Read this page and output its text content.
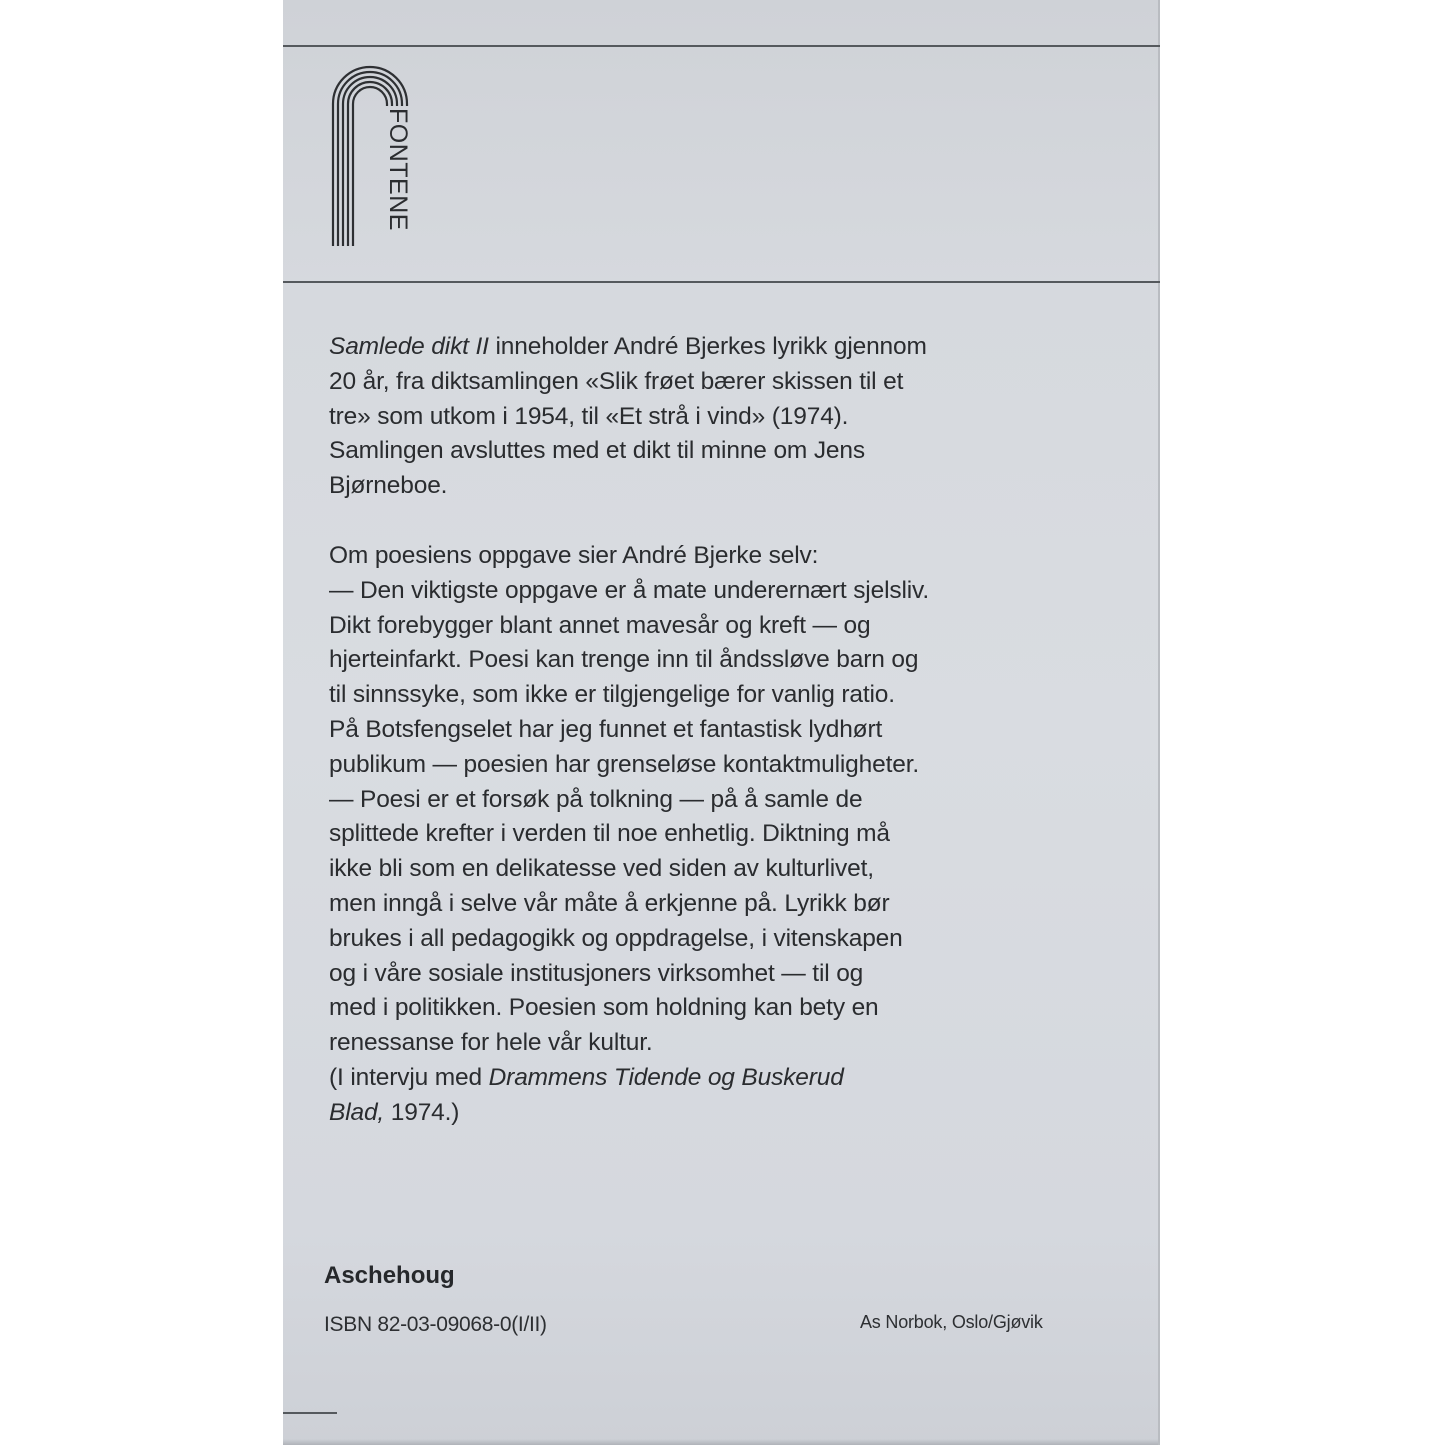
FONTENE

Samlede dikt II inneholder André Bjerkes lyrikk gjennom
20 år, fra diktsamlingen «Slik frøet bærer skissen til et
tre» som utkom i 1954, til «Et strå i vind» (1974).
Samlingen avsluttes med et dikt til minne om Jens
Bjørneboe.

Om poesiens oppgave sier André Bjerke selv:
— Den viktigste oppgave er å mate underernært sjelsliv.
Dikt forebygger blant annet mavesår og kreft — og
hjerteinfarkt. Poesi kan trenge inn til åndssløve barn og
til sinnssyke, som ikke er tilgjengelige for vanlig ratio.
På Botsfengselet har jeg funnet et fantastisk lydhørt
publikum — poesien har grenseløse kontaktmuligheter.
— Poesi er et forsøk på tolkning — på å samle de
splittede krefter i verden til noe enhetlig. Diktning må
ikke bli som en delikatesse ved siden av kulturlivet,
men inngå i selve vår måte å erkjenne på. Lyrikk bør
brukes i all pedagogikk og oppdragelse, i vitenskapen
og i våre sosiale institusjoners virksomhet — til og
med i politikken. Poesien som holdning kan bety en
renessanse for hele vår kultur.
(I intervju med Drammens Tidende og Buskerud
Blad, 1974.)

Aschehoug
ISBN 82-03-09068-0(I/II)	As Norbok, Oslo/Gjøvik
